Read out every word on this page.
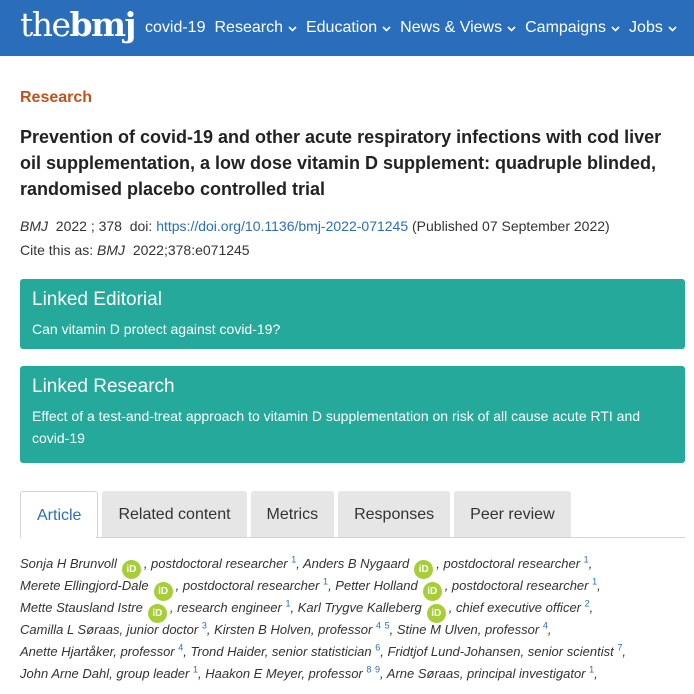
thebmj covid-19 Research Education News & Views Campaigns Jobs
Research
Prevention of covid-19 and other acute respiratory infections with cod liver oil supplementation, a low dose vitamin D supplement: quadruple blinded, randomised placebo controlled trial
BMJ 2022 ; 378 doi: https://doi.org/10.1136/bmj-2022-071245 (Published 07 September 2022)
Cite this as: BMJ 2022;378:e071245
Linked Editorial
Can vitamin D protect against covid-19?
Linked Research
Effect of a test-and-treat approach to vitamin D supplementation on risk of all cause acute RTI and covid-19
Article	Related content	Metrics	Responses	Peer review
Sonja H Brunvoll iD , postdoctoral researcher $^1$, Anders B Nygaard iD , postdoctoral researcher $^1$,
Merete Ellingjord-Dale iD , postdoctoral researcher $^1$, Petter Holland iD , postdoctoral researcher $^1$,
Mette Stausland Istre iD , research engineer $^1$, Karl Trygve Kalleberg iD , chief executive officer $^2$,
Camilla L Søraas, junior doctor $^3$, Kirsten B Holven, professor $^4$ $^5$, Stine M Ulven, professor $^4$,
Anette Hjartåker, professor $^4$, Trond Haider, senior statistician $^6$, Fridtjof Lund-Johansen, senior scientist $^7$,
John Arne Dahl, group leader $^1$, Haakon E Meyer, professor $^8$ $^9$, Arne Søraas, principal investigator $^1$,
